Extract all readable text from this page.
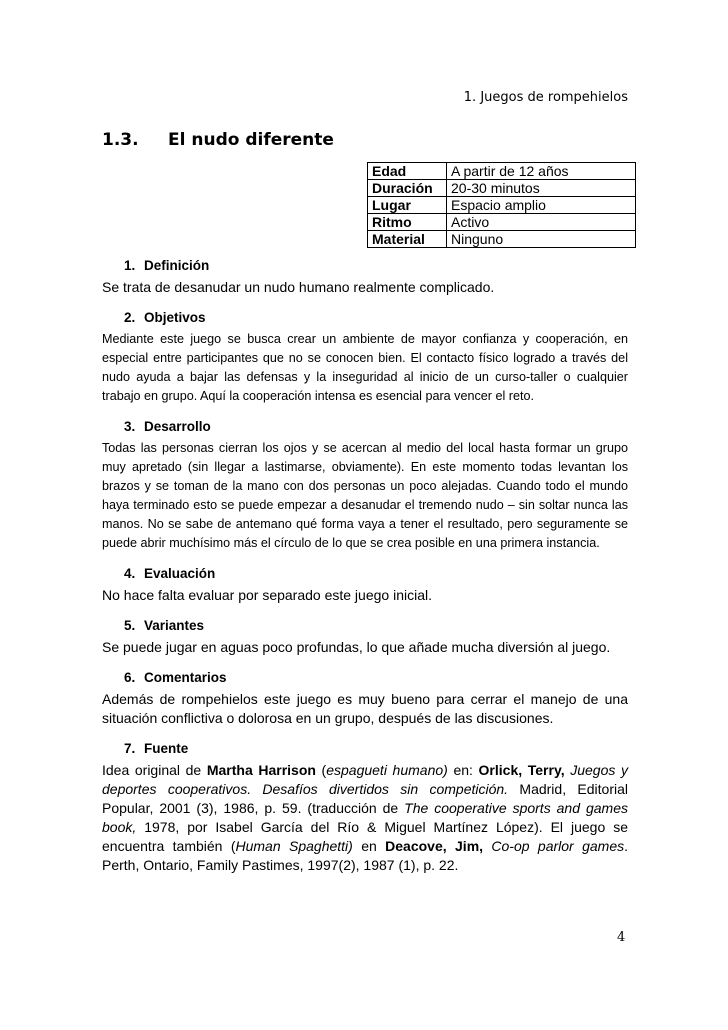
1. Juegos de rompehielos
1.3. El nudo diferente
Edad	A partir de 12 años
Duración	20-30 minutos
Lugar	Espacio amplio
Ritmo	Activo
Material	Ninguno
1. Definición

Se trata de desanudar un nudo humano realmente complicado.

2. Objetivos

Mediante este juego se busca crear un ambiente de mayor confianza y cooperación, en especial entre participantes que no se conocen bien. El contacto físico logrado a través del nudo ayuda a bajar las defensas y la inseguridad al inicio de un curso-taller o cualquier trabajo en grupo. Aquí la cooperación intensa es esencial para vencer el reto.

3. Desarrollo

Todas las personas cierran los ojos y se acercan al medio del local hasta formar un grupo muy apretado (sin llegar a lastimarse, obviamente). En este momento todas levantan los brazos y se toman de la mano con dos personas un poco alejadas. Cuando todo el mundo haya terminado esto se puede empezar a desanudar el tremendo nudo – sin soltar nunca las manos. No se sabe de antemano qué forma vaya a tener el resultado, pero seguramente se puede abrir muchísimo más el círculo de lo que se crea posible en una primera instancia.

4. Evaluación

No hace falta evaluar por separado este juego inicial.

5. Variantes

Se puede jugar en aguas poco profundas, lo que añade mucha diversión al juego.

6. Comentarios

Además de rompehielos este juego es muy bueno para cerrar el manejo de una situación conflictiva o dolorosa en un grupo, después de las discusiones.

7. Fuente

Idea original de Martha Harrison (espagueti humano) en: Orlick, Terry, Juegos y deportes cooperativos. Desafíos divertidos sin competición. Madrid, Editorial Popular, 2001 (3), 1986, p. 59. (traducción de The cooperative sports and games book, 1978, por Isabel García del Río & Miguel Martínez López). El juego se encuentra también (Human Spaghetti) en Deacove, Jim, Co-op parlor games. Perth, Ontario, Family Pastimes, 1997(2), 1987 (1), p. 22.

4
